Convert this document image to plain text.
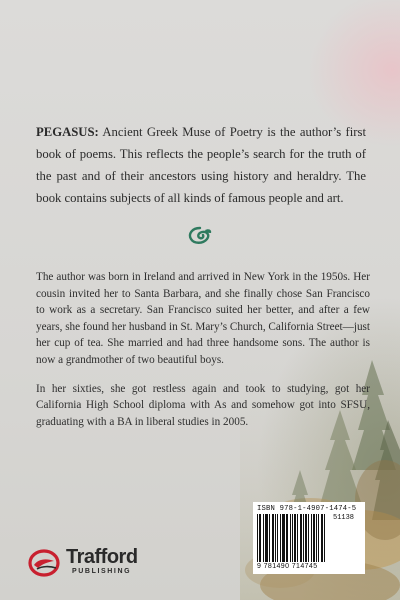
PEGASUS: Ancient Greek Muse of Poetry is the author’s first book of poems. This reflects the people’s search for the truth of the past and of their ancestors using history and heraldry. The book contains subjects of all kinds of famous people and art.

The author was born in Ireland and arrived in New York in the 1950s. Her cousin invited her to Santa Barbara, and she finally chose San Francisco to work as a secretary. San Francisco suited her better, and after a few years, she found her husband in St. Mary’s Church, California Street—just her cup of tea. She married and had three handsome sons. The author is now a grandmother of two beautiful boys.

In her sixties, she got restless again and took to studying, got her California High School diploma with As and somehow got into SFSU, graduating with a BA in liberal studies in 2005.

ISBN 978-1-4907-1474-5
51138
9 781490 714745
Trafford
PUBLISHING
